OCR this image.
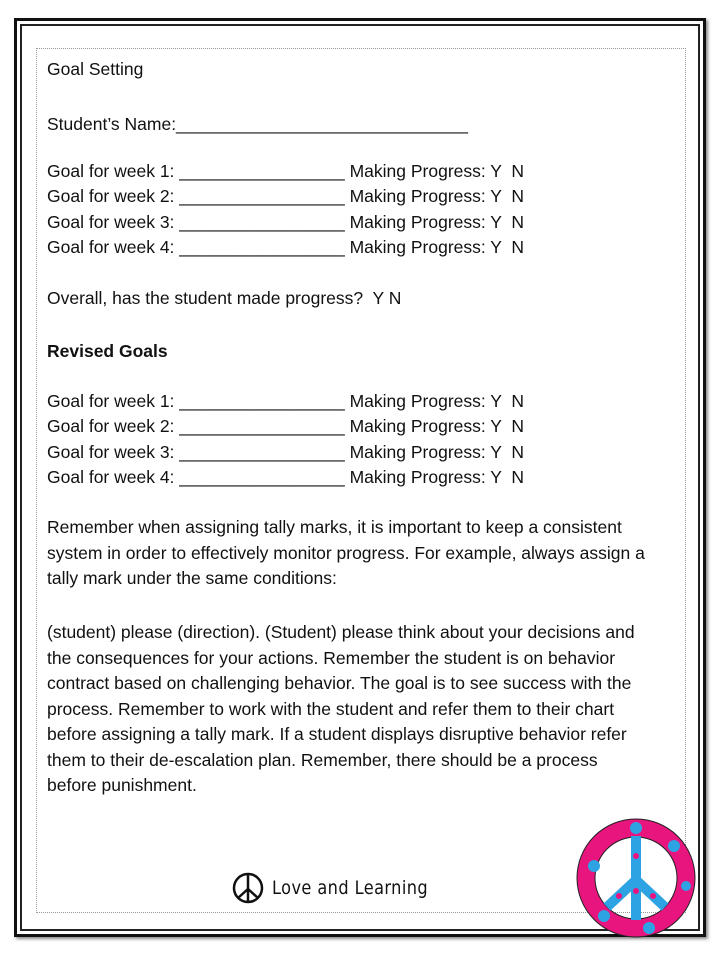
Goal Setting
Student’s Name:______________________________
Goal for week 1: _________________ Making Progress: Y  N
Goal for week 2: _________________ Making Progress: Y  N
Goal for week 3: _________________ Making Progress: Y  N
Goal for week 4: _________________ Making Progress: Y  N
Overall, has the student made progress?  Y N
Revised Goals
Goal for week 1: _________________ Making Progress: Y  N
Goal for week 2: _________________ Making Progress: Y  N
Goal for week 3: _________________ Making Progress: Y  N
Goal for week 4: _________________ Making Progress: Y  N
Remember when assigning tally marks, it is important to keep a consistent system in order to effectively monitor progress. For example, always assign a tally mark under the same conditions:
(student) please (direction). (Student) please think about your decisions and the consequences for your actions. Remember the student is on behavior contract based on challenging behavior. The goal is to see success with the process. Remember to work with the student and refer them to their chart before assigning a tally mark. If a student displays disruptive behavior refer them to their de-escalation plan. Remember, there should be a process before punishment.
Love and Learning
